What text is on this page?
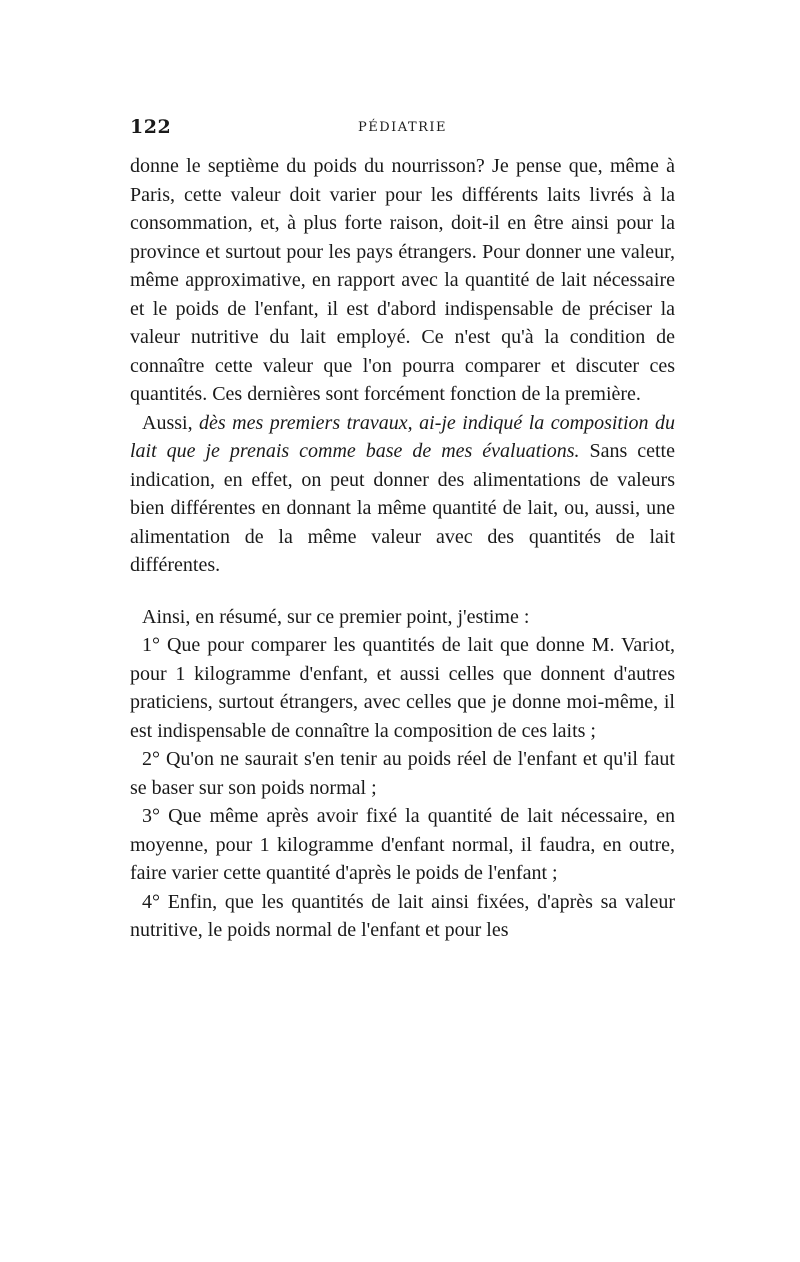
122	PÉDIATRIE

donne le septième du poids du nourrisson? Je pense que, même à Paris, cette valeur doit varier pour les différents laits livrés à la consommation, et, à plus forte raison, doit-il en être ainsi pour la province et surtout pour les pays étrangers. Pour donner une valeur, même approximative, en rapport avec la quantité de lait nécessaire et le poids de l'enfant, il est d'abord indispensable de préciser la valeur nutritive du lait employé. Ce n'est qu'à la condition de connaître cette valeur que l'on pourra comparer et discuter ces quantités. Ces dernières sont forcément fonction de la première.

Aussi, dès mes premiers travaux, ai-je indiqué la composition du lait que je prenais comme base de mes évaluations. Sans cette indication, en effet, on peut donner des alimentations de valeurs bien différentes en donnant la même quantité de lait, ou, aussi, une alimentation de la même valeur avec des quantités de lait différentes.

Ainsi, en résumé, sur ce premier point, j'estime :

1° Que pour comparer les quantités de lait que donne M. Variot, pour 1 kilogramme d'enfant, et aussi celles que donnent d'autres praticiens, surtout étrangers, avec celles que je donne moi-même, il est indispensable de connaître la composition de ces laits ;

2° Qu'on ne saurait s'en tenir au poids réel de l'enfant et qu'il faut se baser sur son poids normal ;

3° Que même après avoir fixé la quantité de lait nécessaire, en moyenne, pour 1 kilogramme d'enfant normal, il faudra, en outre, faire varier cette quantité d'après le poids de l'enfant ;

4° Enfin, que les quantités de lait ainsi fixées, d'après sa valeur nutritive, le poids normal de l'enfant et pour les
